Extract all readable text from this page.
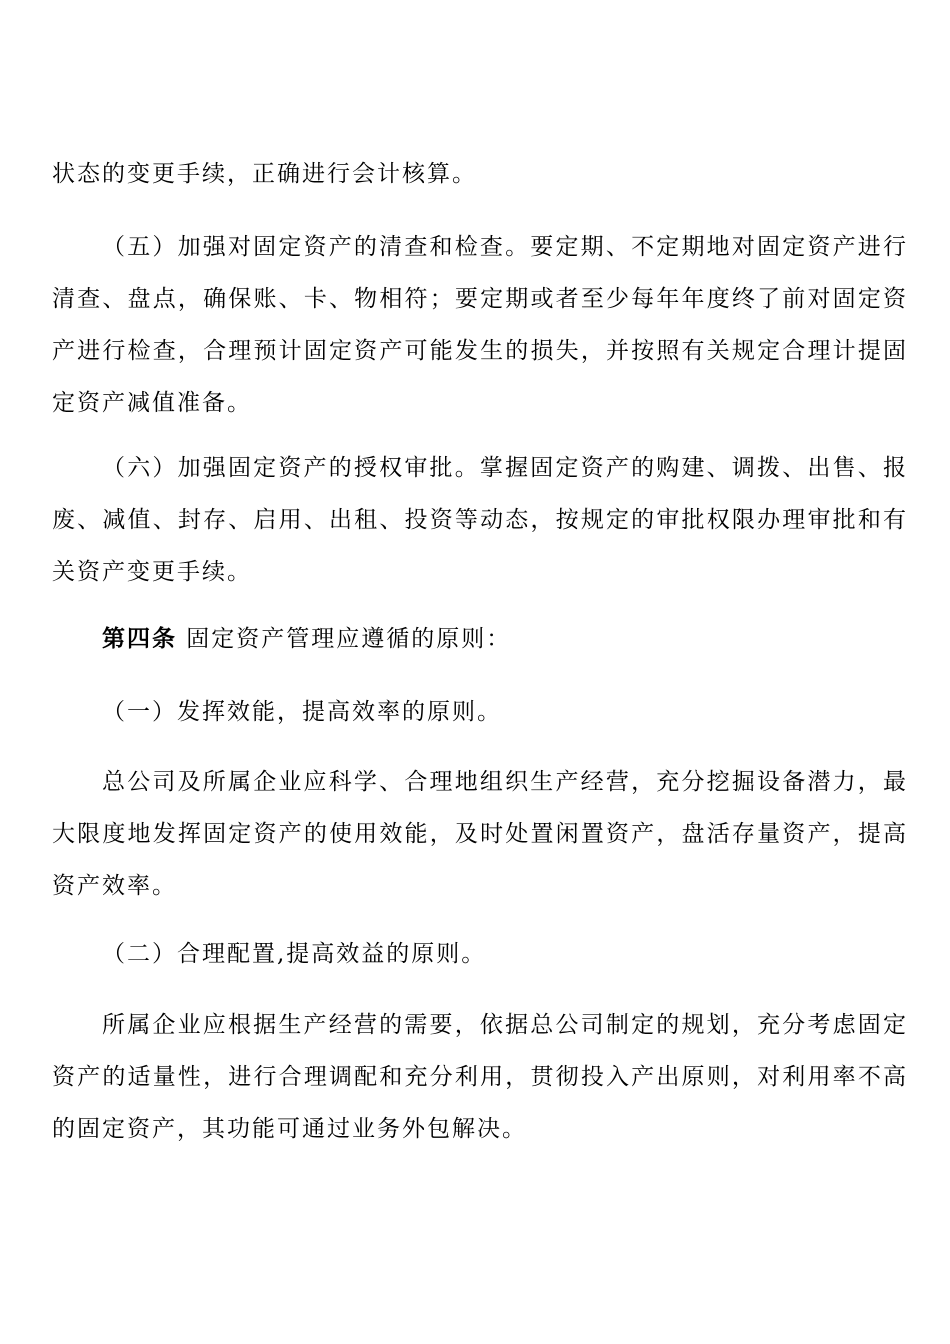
状态的变更手续，正确进行会计核算。

（五）加强对固定资产的清查和检查。要定期、不定期地对固定资产进行清查、盘点，确保账、卡、物相符；要定期或者至少每年年度终了前对固定资产进行检查，合理预计固定资产可能发生的损失，并按照有关规定合理计提固定资产减值准备。

（六）加强固定资产的授权审批。掌握固定资产的购建、调拨、出售、报废、减值、封存、启用、出租、投资等动态，按规定的审批权限办理审批和有关资产变更手续。

第四条 固定资产管理应遵循的原则：

（一）发挥效能，提高效率的原则。

总公司及所属企业应科学、合理地组织生产经营，充分挖掘设备潜力，最大限度地发挥固定资产的使用效能，及时处置闲置资产，盘活存量资产，提高资产效率。

（二）合理配置,提高效益的原则。

所属企业应根据生产经营的需要，依据总公司制定的规划，充分考虑固定资产的适量性，进行合理调配和充分利用，贯彻投入产出原则，对利用率不高的固定资产，其功能可通过业务外包解决。
